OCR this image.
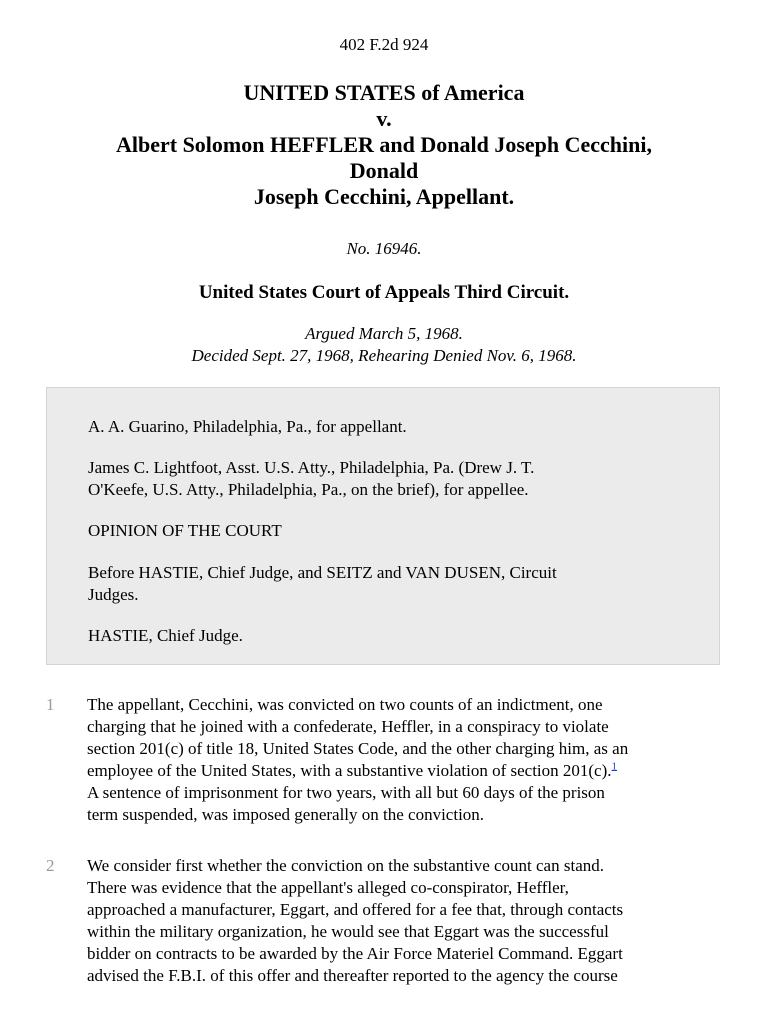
402 F.2d 924
UNITED STATES of America
v.
Albert Solomon HEFFLER and Donald Joseph Cecchini,
Donald
Joseph Cecchini, Appellant.
No. 16946.
United States Court of Appeals Third Circuit.
Argued March 5, 1968.
Decided Sept. 27, 1968, Rehearing Denied Nov. 6, 1968.

A. A. Guarino, Philadelphia, Pa., for appellant.

James C. Lightfoot, Asst. U.S. Atty., Philadelphia, Pa. (Drew J. T.
O'Keefe, U.S. Atty., Philadelphia, Pa., on the brief), for appellee.

OPINION OF THE COURT

Before HASTIE, Chief Judge, and SEITZ and VAN DUSEN, Circuit
Judges.

HASTIE, Chief Judge.

1 The appellant, Cecchini, was convicted on two counts of an indictment, one
charging that he joined with a confederate, Heffler, in a conspiracy to violate
section 201(c) of title 18, United States Code, and the other charging him, as an
employee of the United States, with a substantive violation of section 201(c).$^1$
A sentence of imprisonment for two years, with all but 60 days of the prison
term suspended, was imposed generally on the conviction.

2 We consider first whether the conviction on the substantive count can stand.
There was evidence that the appellant's alleged co-conspirator, Heffler,
approached a manufacturer, Eggart, and offered for a fee that, through contacts
within the military organization, he would see that Eggart was the successful
bidder on contracts to be awarded by the Air Force Materiel Command. Eggart
advised the F.B.I. of this offer and thereafter reported to the agency the course
